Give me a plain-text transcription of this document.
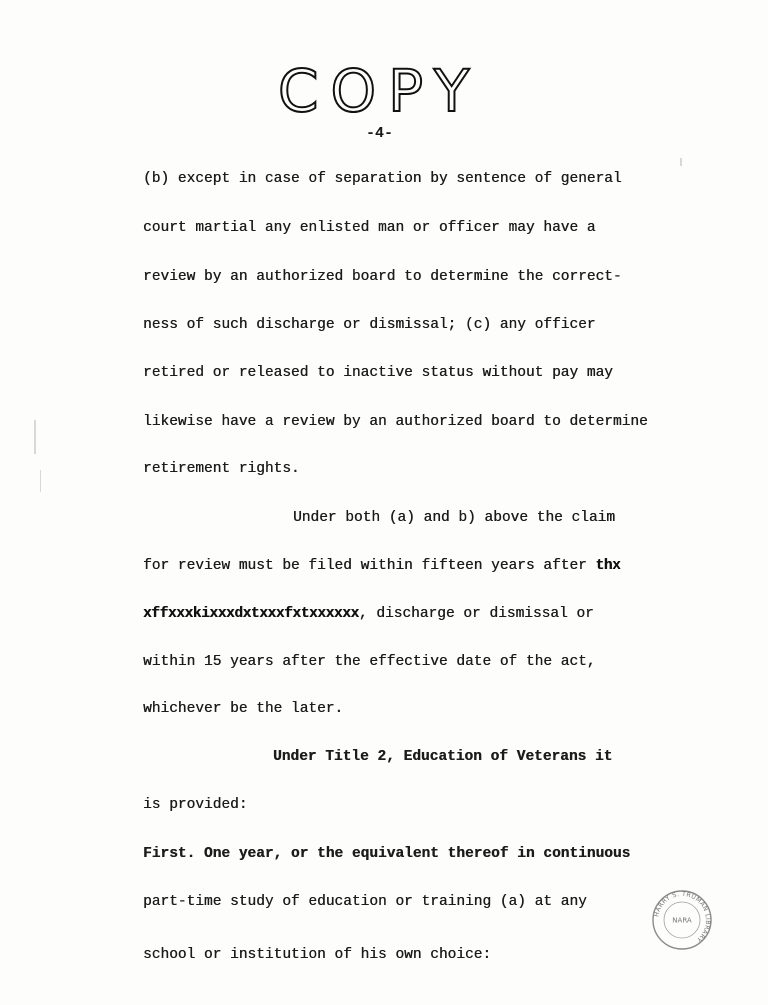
COPY
-4-
(b) except in case of separation by sentence of general
court martial any enlisted man or officer may have a
review by an authorized board to determine the correct-
ness of such discharge or dismissal; (c) any officer
retired or released to inactive status without pay may
likewise have a review by an authorized board to determine
retirement rights.
Under both (a) and b) above the claim
for review must be filed within fifteen years after thx
xffxxxkixxxdxtxxxfxtxxxxxx, discharge or dismissal or
within 15 years after the effective date of the act,
whichever be the later.
Under Title 2, Education of Veterans it
is provided:
First. One year, or the equivalent thereof in continuous
part-time study of education or training (a) at any
school or institution of his own choice:
HARRY S. TRUMAN LIBRARY
NARA
